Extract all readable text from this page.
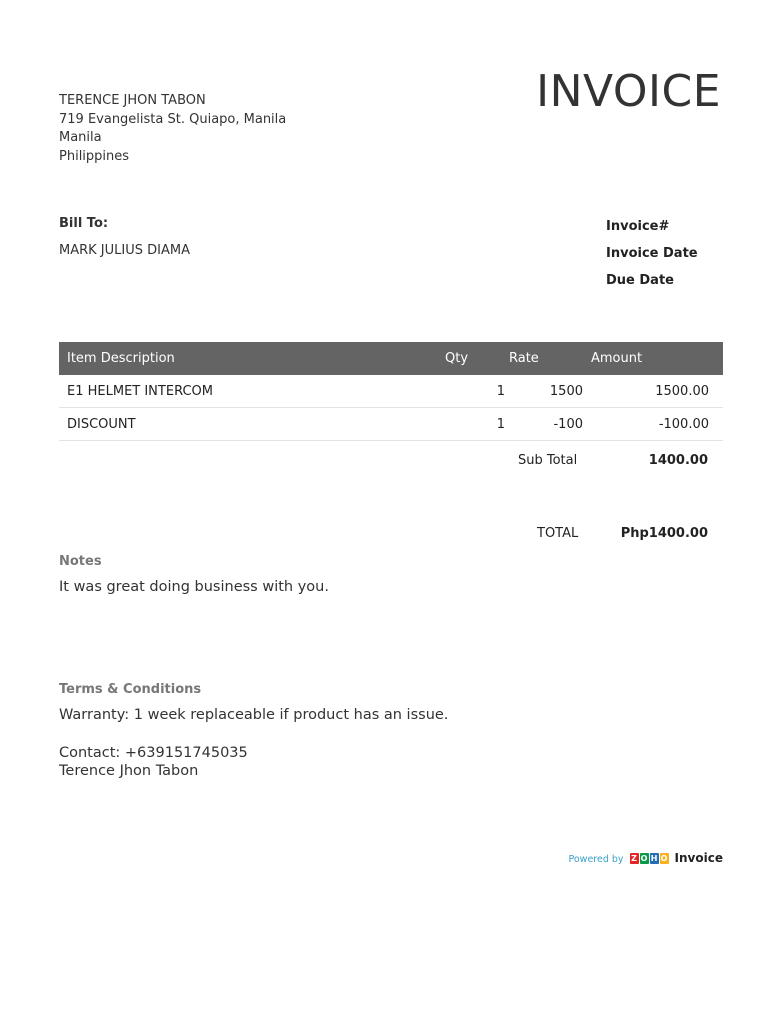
INVOICE
TERENCE JHON TABON
719 Evangelista St. Quiapo, Manila
Manila
Philippines
Bill To:
MARK JULIUS DIAMA
Invoice#
Invoice Date
Due Date
Item Description	Qty	Rate	Amount
E1 HELMET INTERCOM	1	1500	1500.00
DISCOUNT	1	-100	-100.00
Sub Total	1400.00
TOTAL	Php1400.00
Notes
It was great doing business with you.
Terms & Conditions
Warranty: 1 week replaceable if product has an issue.
Contact: +639151745035
Terence Jhon Tabon
Powered by Z O H O Invoice
